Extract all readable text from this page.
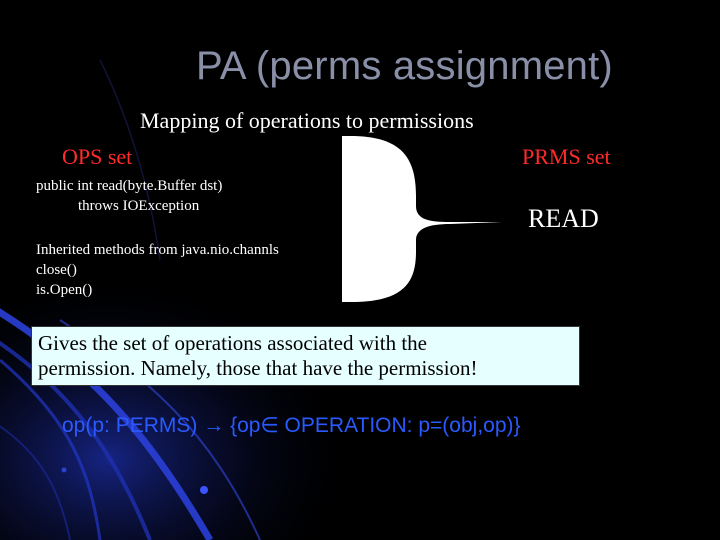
PA (perms assignment)
Mapping of operations to permissions
OPS set	PRMS set
public int read(byte.Buffer dst)
throws IOException
Inherited methods from java.nio.channls
close()
is.Open()
READ
Gives the set of operations associated with the
permission. Namely, those that have the permission!
op(p: PERMS) → {op∈ OPERATION: p=(obj,op)}
